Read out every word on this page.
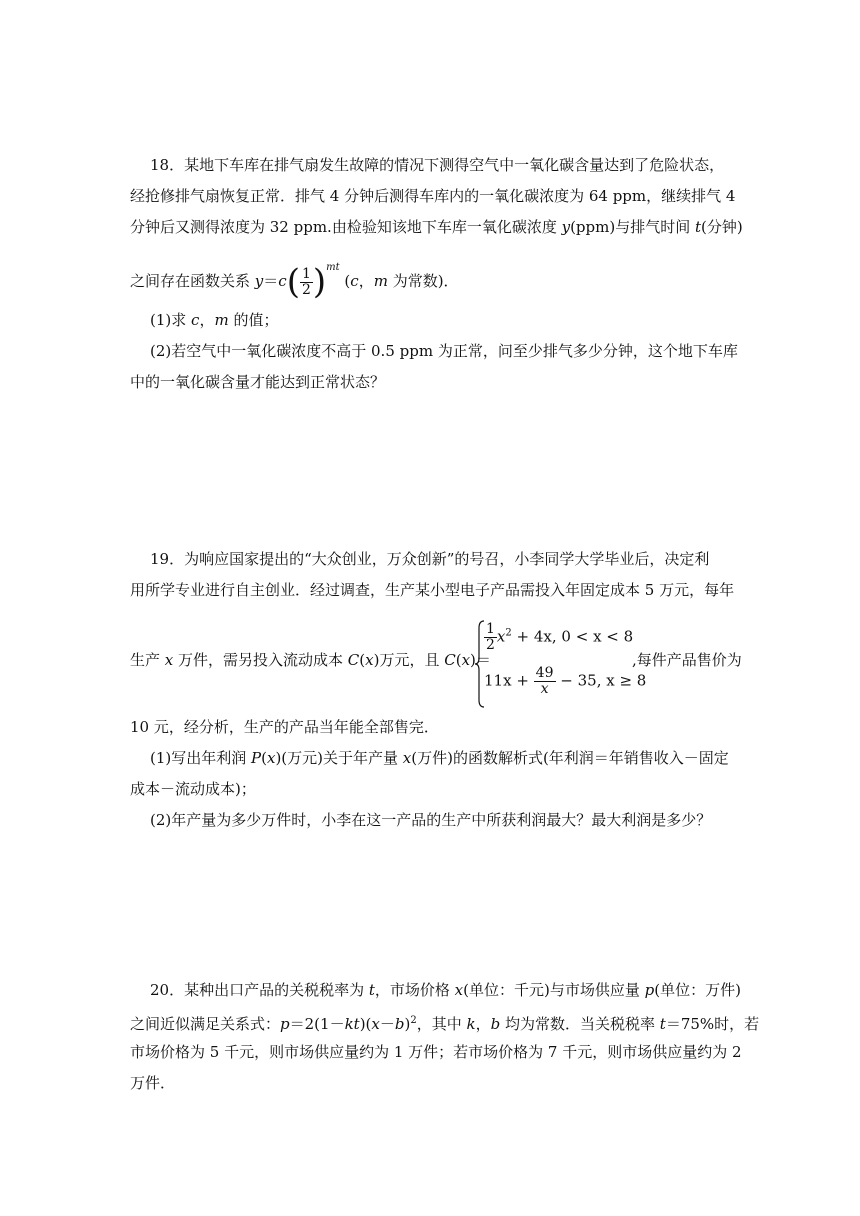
18．某地下车库在排气扇发生故障的情况下测得空气中一氧化碳含量达到了危险状态，
经抢修排气扇恢复正常．排气 4 分钟后测得车库内的一氧化碳浓度为 64 ppm，继续排气 4
分钟后又测得浓度为 32 ppm.由检验知该地下车库一氧化碳浓度 y(ppm)与排气时间 t(分钟)
之间存在函数关系 $y=c( \frac{1}{2} )^{mt}$ (c，m 为常数)．
(1)求 c，m 的值；
(2)若空气中一氧化碳浓度不高于 0.5 ppm 为正常，问至少排气多少分钟，这个地下车库
中的一氧化碳含量才能达到正常状态？
19．为响应国家提出的“大众创业，万众创新”的号召，小李同学大学毕业后，决定利
用所学专业进行自主创业．经过调查，生产某小型电子产品需投入年固定成本 5 万元，每年
生产 x 万件，需另投入流动成本 C(x)万元，且 C(x)＝
$\frac{1}{2} x^2 + 4x$, 0 < x < 8
$11x + \frac{49}{x} - 35$, x ≥ 8
,每件产品售价为
10 元，经分析，生产的产品当年能全部售完．
(1)写出年利润 P(x)(万元)关于年产量 x(万件)的函数解析式(年利润＝年销售收入－固定
成本－流动成本)；
(2)年产量为多少万件时，小李在这一产品的生产中所获利润最大？最大利润是多少？
20．某种出口产品的关税税率为 t，市场价格 x(单位：千元)与市场供应量 p(单位：万件)
之间近似满足关系式：$p=2(1-kt)(x-b)^2$，其中 k，b 均为常数．当关税税率 t＝75%时，若
市场价格为 5 千元，则市场供应量约为 1 万件；若市场价格为 7 千元，则市场供应量约为 2
万件．
